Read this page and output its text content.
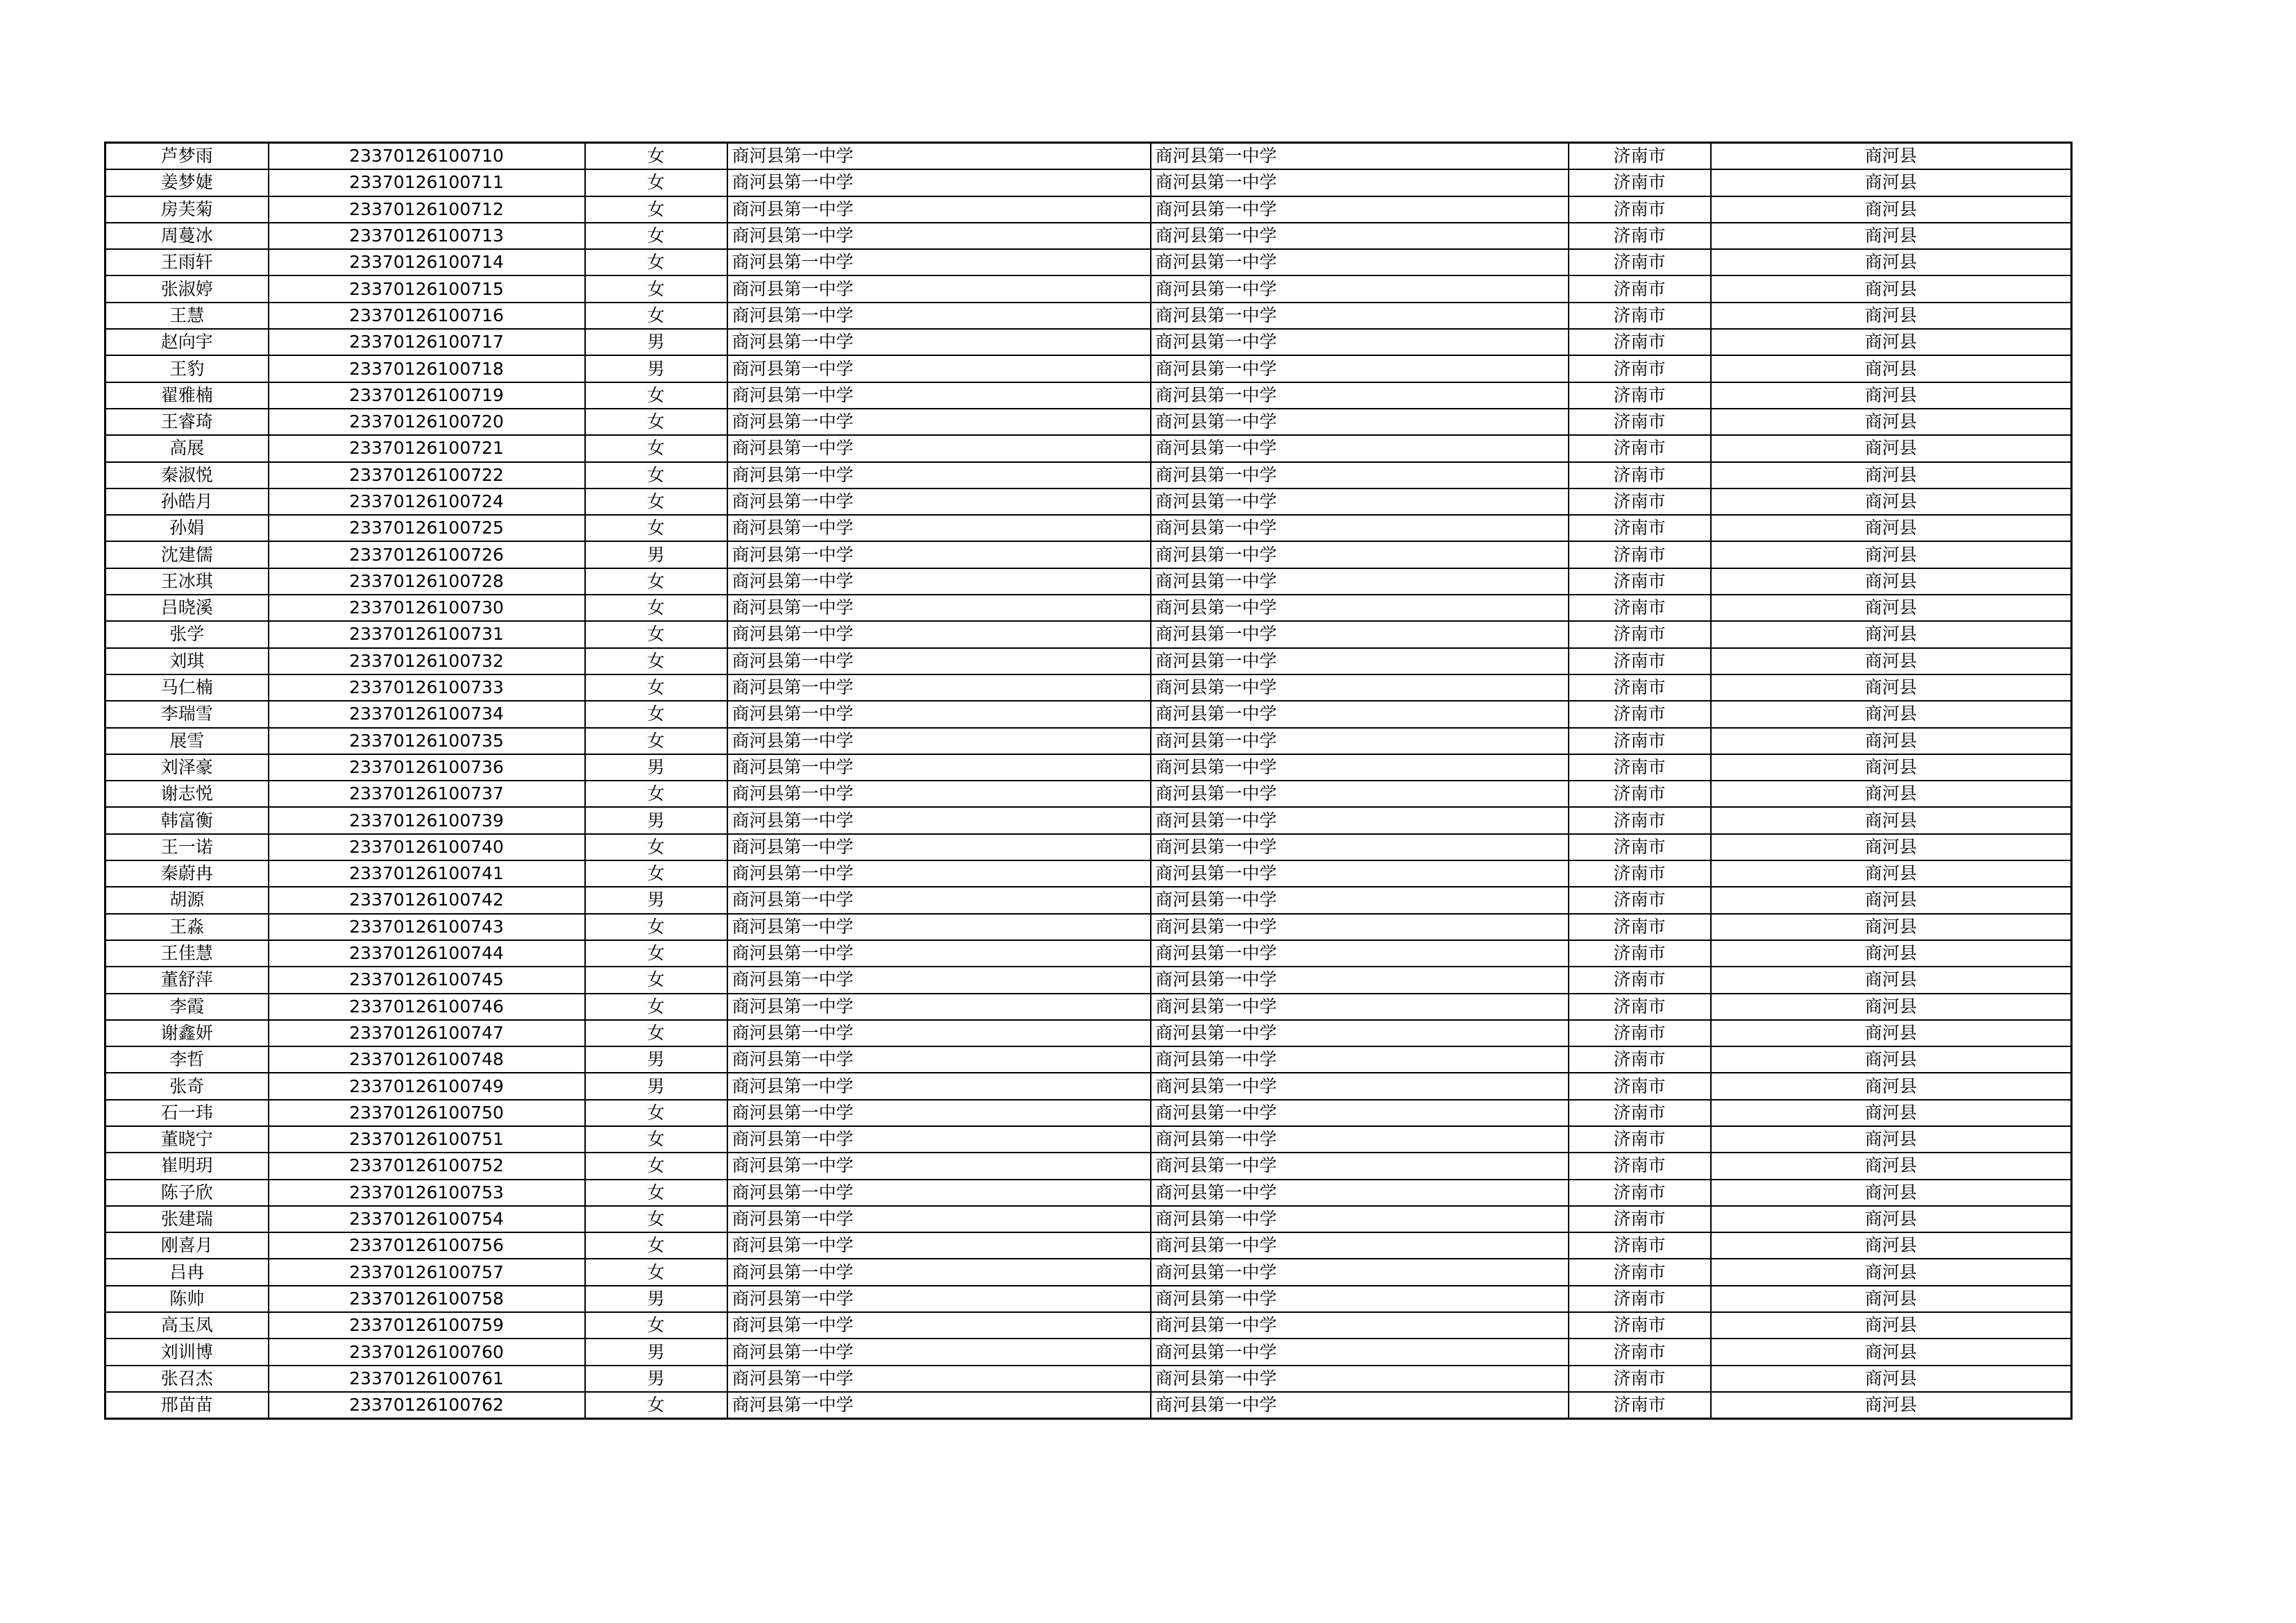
芦梦雨	23370126100710	女	商河县第一中学	商河县第一中学	济南市	商河县
姜梦婕	23370126100711	女	商河县第一中学	商河县第一中学	济南市	商河县
房芙菊	23370126100712	女	商河县第一中学	商河县第一中学	济南市	商河县
周蔓冰	23370126100713	女	商河县第一中学	商河县第一中学	济南市	商河县
王雨轩	23370126100714	女	商河县第一中学	商河县第一中学	济南市	商河县
张淑婷	23370126100715	女	商河县第一中学	商河县第一中学	济南市	商河县
王慧	23370126100716	女	商河县第一中学	商河县第一中学	济南市	商河县
赵向宇	23370126100717	男	商河县第一中学	商河县第一中学	济南市	商河县
王豹	23370126100718	男	商河县第一中学	商河县第一中学	济南市	商河县
翟雅楠	23370126100719	女	商河县第一中学	商河县第一中学	济南市	商河县
王睿琦	23370126100720	女	商河县第一中学	商河县第一中学	济南市	商河县
高展	23370126100721	女	商河县第一中学	商河县第一中学	济南市	商河县
秦淑悦	23370126100722	女	商河县第一中学	商河县第一中学	济南市	商河县
孙皓月	23370126100724	女	商河县第一中学	商河县第一中学	济南市	商河县
孙娟	23370126100725	女	商河县第一中学	商河县第一中学	济南市	商河县
沈建儒	23370126100726	男	商河县第一中学	商河县第一中学	济南市	商河县
王冰琪	23370126100728	女	商河县第一中学	商河县第一中学	济南市	商河县
吕晓溪	23370126100730	女	商河县第一中学	商河县第一中学	济南市	商河县
张学	23370126100731	女	商河县第一中学	商河县第一中学	济南市	商河县
刘琪	23370126100732	女	商河县第一中学	商河县第一中学	济南市	商河县
马仁楠	23370126100733	女	商河县第一中学	商河县第一中学	济南市	商河县
李瑞雪	23370126100734	女	商河县第一中学	商河县第一中学	济南市	商河县
展雪	23370126100735	女	商河县第一中学	商河县第一中学	济南市	商河县
刘泽豪	23370126100736	男	商河县第一中学	商河县第一中学	济南市	商河县
谢志悦	23370126100737	女	商河县第一中学	商河县第一中学	济南市	商河县
韩富衡	23370126100739	男	商河县第一中学	商河县第一中学	济南市	商河县
王一诺	23370126100740	女	商河县第一中学	商河县第一中学	济南市	商河县
秦蔚冉	23370126100741	女	商河县第一中学	商河县第一中学	济南市	商河县
胡源	23370126100742	男	商河县第一中学	商河县第一中学	济南市	商河县
王淼	23370126100743	女	商河县第一中学	商河县第一中学	济南市	商河县
王佳慧	23370126100744	女	商河县第一中学	商河县第一中学	济南市	商河县
董舒萍	23370126100745	女	商河县第一中学	商河县第一中学	济南市	商河县
李霞	23370126100746	女	商河县第一中学	商河县第一中学	济南市	商河县
谢鑫妍	23370126100747	女	商河县第一中学	商河县第一中学	济南市	商河县
李哲	23370126100748	男	商河县第一中学	商河县第一中学	济南市	商河县
张奇	23370126100749	男	商河县第一中学	商河县第一中学	济南市	商河县
石一玮	23370126100750	女	商河县第一中学	商河县第一中学	济南市	商河县
董晓宁	23370126100751	女	商河县第一中学	商河县第一中学	济南市	商河县
崔明玥	23370126100752	女	商河县第一中学	商河县第一中学	济南市	商河县
陈子欣	23370126100753	女	商河县第一中学	商河县第一中学	济南市	商河县
张建瑞	23370126100754	女	商河县第一中学	商河县第一中学	济南市	商河县
刚喜月	23370126100756	女	商河县第一中学	商河县第一中学	济南市	商河县
吕冉	23370126100757	女	商河县第一中学	商河县第一中学	济南市	商河县
陈帅	23370126100758	男	商河县第一中学	商河县第一中学	济南市	商河县
高玉凤	23370126100759	女	商河县第一中学	商河县第一中学	济南市	商河县
刘训博	23370126100760	男	商河县第一中学	商河县第一中学	济南市	商河县
张召杰	23370126100761	男	商河县第一中学	商河县第一中学	济南市	商河县
邢苗苗	23370126100762	女	商河县第一中学	商河县第一中学	济南市	商河县
